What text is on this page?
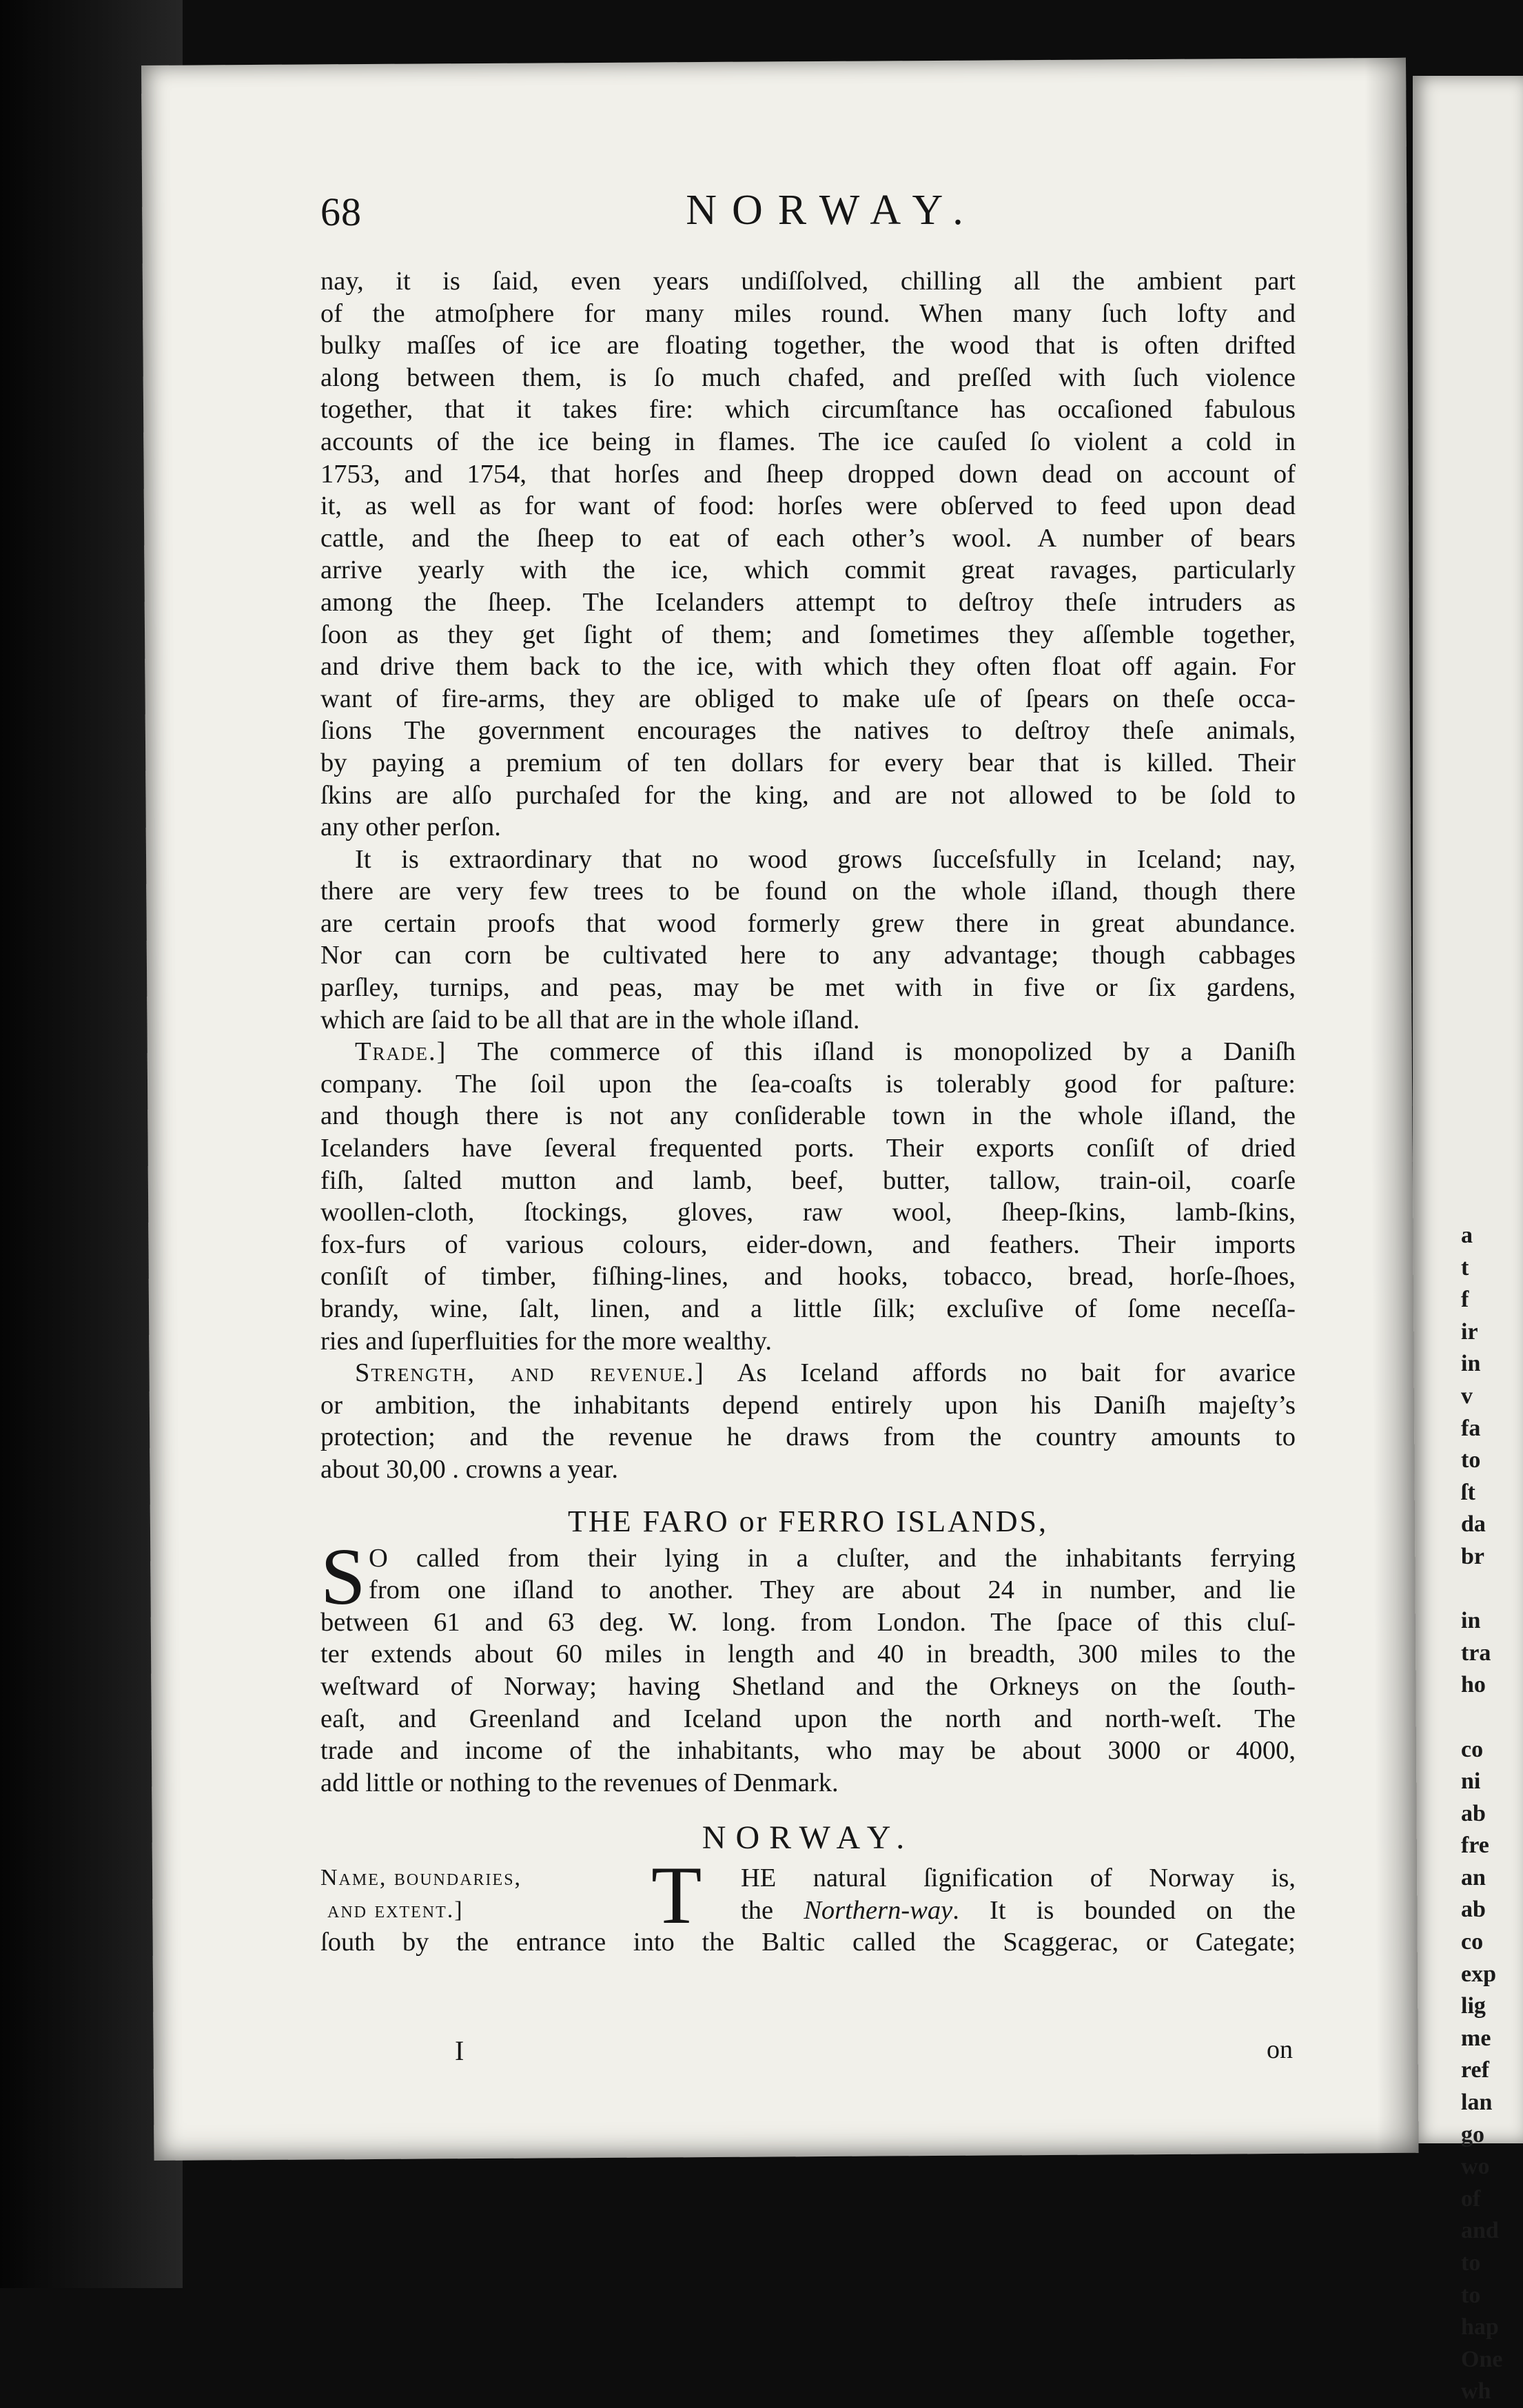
a
t
f
ir
in
v
fa
to
ſt
da
br
in
tra
ho
co
ni
ab
fre
an
ab
co
exp
lig
me
ref
lan
go
wo
of
and
to
to
hap
One
wh
68	NORWAY.
nay, it is ſaid, even years undiſſolved, chilling all the ambient part
of the atmoſphere for many miles round. When many ſuch lofty and
bulky maſſes of ice are floating together, the wood that is often drifted
along between them, is ſo much chafed, and preſſed with ſuch violence
together, that it takes fire: which circumſtance has occaſioned fabulous
accounts of the ice being in flames. The ice cauſed ſo violent a cold in
1753, and 1754, that horſes and ſheep dropped down dead on account of
it, as well as for want of food: horſes were obſerved to feed upon dead
cattle, and the ſheep to eat of each other’s wool. A number of bears
arrive yearly with the ice, which commit great ravages, particularly
among the ſheep. The Icelanders attempt to deſtroy theſe intruders as
ſoon as they get ſight of them; and ſometimes they aſſemble together,
and drive them back to the ice, with which they often float off again. For
want of fire-arms, they are obliged to make uſe of ſpears on theſe occa-
ſions The government encourages the natives to deſtroy theſe animals,
by paying a premium of ten dollars for every bear that is killed. Their
ſkins are alſo purchaſed for the king, and are not allowed to be ſold to
any other perſon.
It is extraordinary that no wood grows ſucceſsfully in Iceland; nay,
there are very few trees to be found on the whole iſland, though there
are certain proofs that wood formerly grew there in great abundance.
Nor can corn be cultivated here to any advantage; though cabbages
parſley, turnips, and peas, may be met with in five or ſix gardens,
which are ſaid to be all that are in the whole iſland.
Trade.] The commerce of this iſland is monopolized by a Daniſh
company. The ſoil upon the ſea-coaſts is tolerably good for paſture:
and though there is not any conſiderable town in the whole iſland, the
Icelanders have ſeveral frequented ports. Their exports conſiſt of dried
fiſh, ſalted mutton and lamb, beef, butter, tallow, train-oil, coarſe
woollen-cloth, ſtockings, gloves, raw wool, ſheep-ſkins, lamb-ſkins,
fox-furs of various colours, eider-down, and feathers. Their imports
conſiſt of timber, fiſhing-lines, and hooks, tobacco, bread, horſe-ſhoes,
brandy, wine, ſalt, linen, and a little ſilk; excluſive of ſome neceſſa-
ries and ſuperfluities for the more wealthy.
Strength, and revenue.] As Iceland affords no bait for avarice
or ambition, the inhabitants depend entirely upon his Daniſh majeſty’s
protection; and the revenue he draws from the country amounts to
about 30,00 . crowns a year.
THE FARO or FERRO ISLANDS,
S O called from their lying in a cluſter, and the inhabitants ferrying
from one iſland to another. They are about 24 in number, and lie
between 61 and 63 deg. W. long. from London. The ſpace of this cluſ-
ter extends about 60 miles in length and 40 in breadth, 300 miles to the
weſtward of Norway; having Shetland and the Orkneys on the ſouth-
eaſt, and Greenland and Iceland upon the north and north-weſt. The
trade and income of the inhabitants, who may be about 3000 or 4000,
add little or nothing to the revenues of Denmark.
NORWAY.
Name, boundaries,
and extent.]	T HE natural ſignification of Norway is,
the Northern-way. It is bounded on the
ſouth by the entrance into the Baltic called the Scaggerac, or Categate;
I	on
